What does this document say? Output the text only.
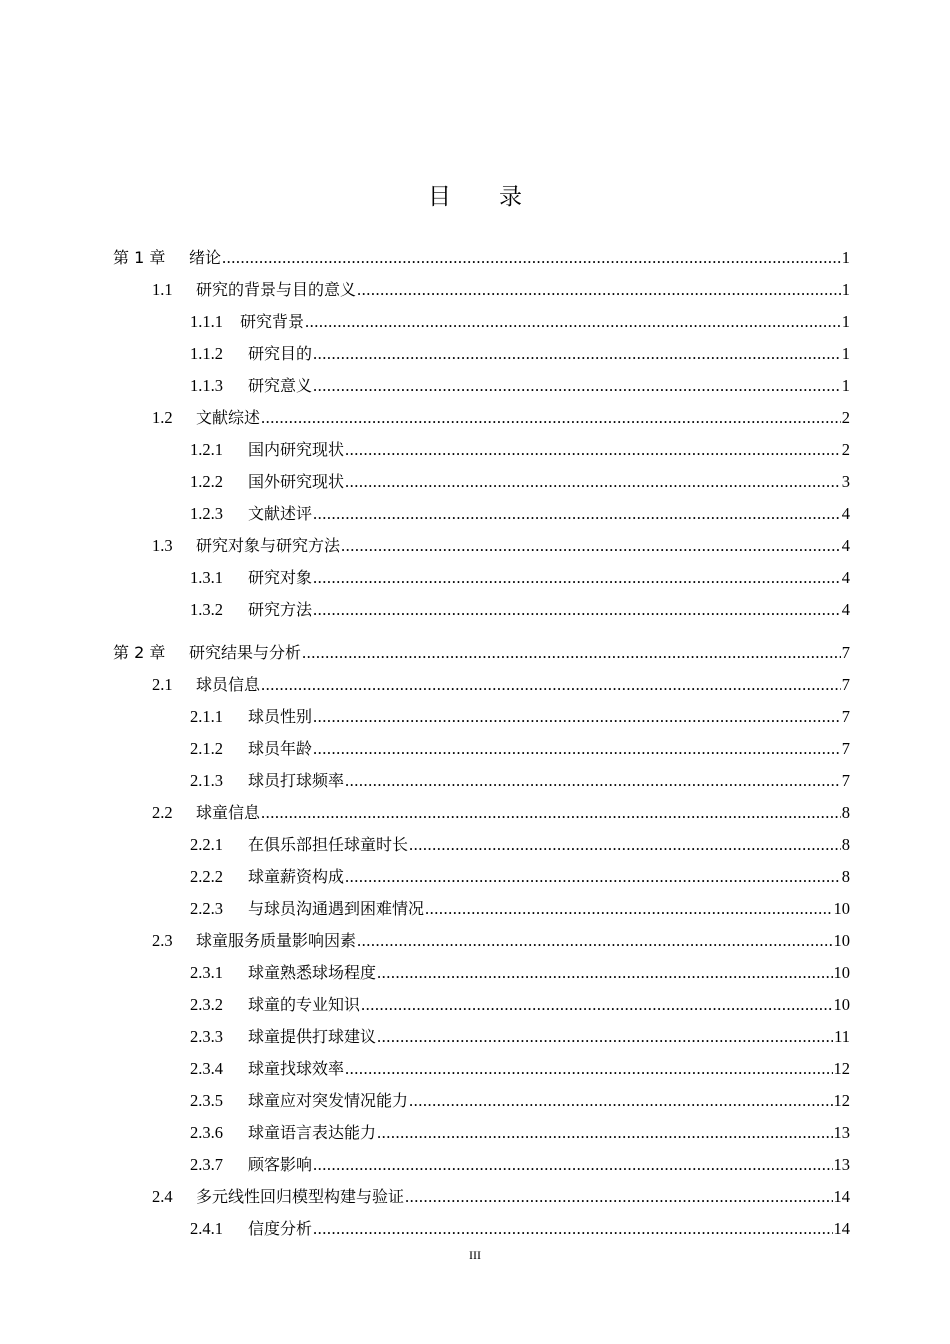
目 录
第 1 章	绪论 .....	1
1.1	研究的背景与目的意义 .....	1
1.1.1	研究背景 .....	1
1.1.2	研究目的 .....	1
1.1.3	研究意义 .....	1
1.2	文献综述 .....	2
1.2.1	国内研究现状 .....	2
1.2.2	国外研究现状 .....	3
1.2.3	文献述评 .....	4
1.3	研究对象与研究方法 .....	4
1.3.1	研究对象 .....	4
1.3.2	研究方法 .....	4
第 2 章	研究结果与分析 .....	7
2.1	球员信息 .....	7
2.1.1	球员性别 .....	7
2.1.2	球员年龄 .....	7
2.1.3	球员打球频率 .....	7
2.2	球童信息 .....	8
2.2.1	在俱乐部担任球童时长 .....	8
2.2.2	球童薪资构成 .....	8
2.2.3	与球员沟通遇到困难情况 .....	10
2.3	球童服务质量影响因素 .....	10
2.3.1	球童熟悉球场程度 .....	10
2.3.2	球童的专业知识 .....	10
2.3.3	球童提供打球建议 .....	11
2.3.4	球童找球效率 .....	12
2.3.5	球童应对突发情况能力 .....	12
2.3.6	球童语言表达能力 .....	13
2.3.7	顾客影响 .....	13
2.4	多元线性回归模型构建与验证 .....	14
2.4.1	信度分析 .....	14
III
